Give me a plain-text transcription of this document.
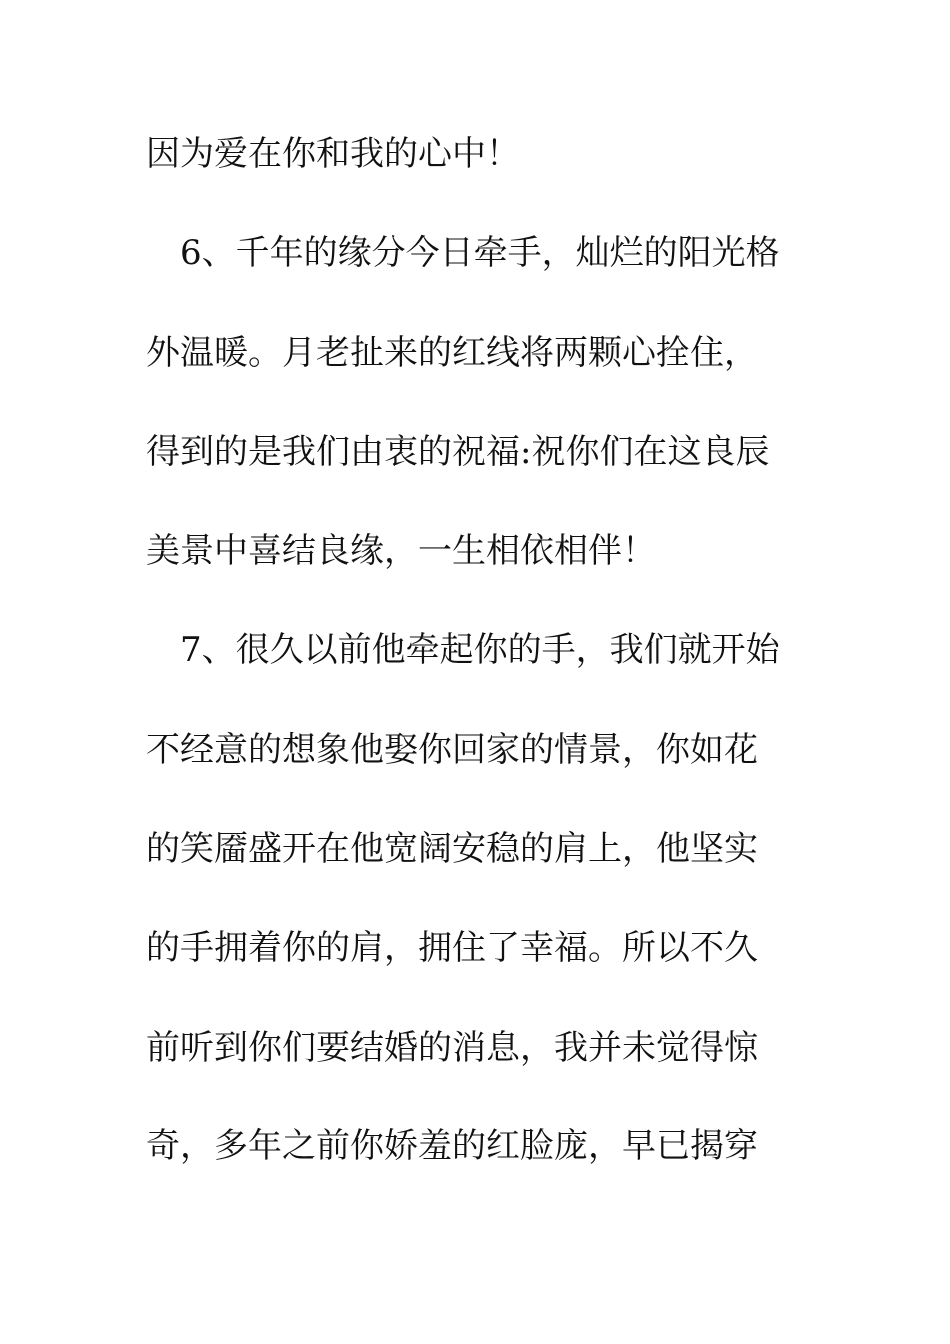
因为爱在你和我的心中！

6、千年的缘分今日牵手，灿烂的阳光格

外温暖。月老扯来的红线将两颗心拴住，

得到的是我们由衷的祝福:祝你们在这良辰

美景中喜结良缘，一生相依相伴！

7、很久以前他牵起你的手，我们就开始

不经意的想象他娶你回家的情景，你如花

的笑靥盛开在他宽阔安稳的肩上，他坚实

的手拥着你的肩，拥住了幸福。所以不久

前听到你们要结婚的消息，我并未觉得惊

奇，多年之前你娇羞的红脸庞，早已揭穿
